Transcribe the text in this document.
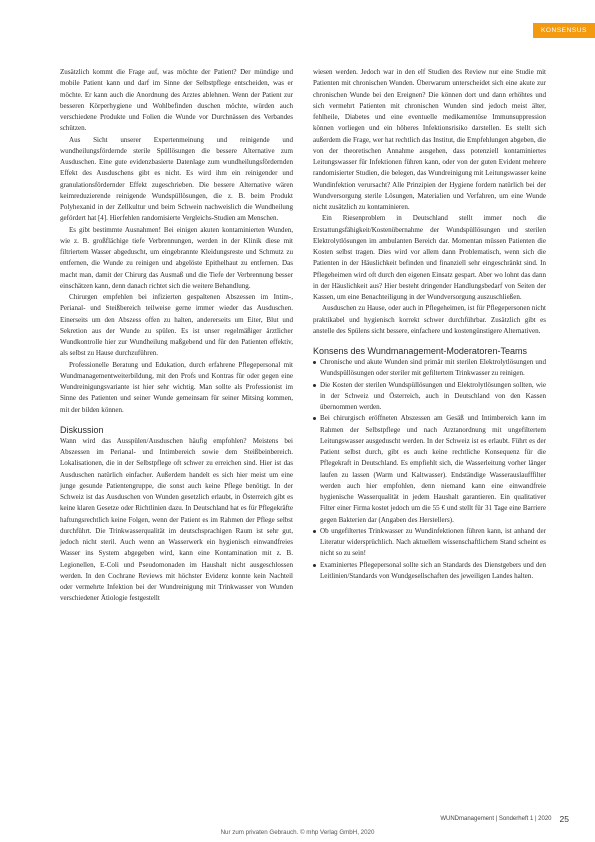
KONSENSUS

Zusätzlich kommt die Frage auf, was möchte der Patient? Der mündige und mobile Patient kann und darf im Sinne der Selbstpflege entscheiden, was er möchte. Er kann auch die Anordnung des Arztes ablehnen. Wenn der Patient zur besseren Körperhygiene und Wohlbefinden duschen möchte, würden auch verschiedene Produkte und Folien die Wunde vor Durchnässen des Verbandes schützen.

Aus Sicht unserer Expertenmeinung und reinigende und wundheilungsfördernde sterile Spüllösungen die bessere Alternative zum Ausduschen. Eine gute evidenzbasierte Datenlage zum wundheilungsfördernden Effekt des Ausduschens gibt es nicht. Es wird ihm ein reinigender und granulationsfördernder Effekt zugeschrieben. Die bessere Alternative wären keimreduzierende reinigende Wundspüllösungen, die z. B. beim Produkt Polyhexanid in der Zellkultur und beim Schwein nachweislich die Wundheilung gefördert hat [4]. Hierfehlen randomisierte Vergleichs-Studien am Menschen.

Es gibt bestimmte Ausnahmen! Bei einigen akuten kontaminierten Wunden, wie z. B. großflächige tiefe Verbrennungen, werden in der Klinik diese mit filtriertem Wasser abgeduscht, um eingebrannte Kleidungsreste und Schmutz zu entfernen, die Wunde zu reinigen und abgelöste Epithelhaut zu entfernen. Das macht man, damit der Chirurg das Ausmaß und die Tiefe der Verbrennung besser einschätzen kann, denn danach richtet sich die weitere Behandlung.

Chirurgen empfehlen bei infizierten gespaltenen Abszessen im Intim-, Perianal- und Steißbereich teilweise gerne immer wieder das Ausduschen. Einerseits um den Abszess offen zu halten, andererseits um Eiter, Blut und Sekretion aus der Wunde zu spülen. Es ist unser regelmäßiger ärztlicher Wundkontrolle hier zur Wundheilung maßgebend und für den Patienten effektiv, als selbst zu Hause durchzuführen.

Professionelle Beratung und Edukation, durch erfahrene Pflegepersonal mit Wundmanagementweiterbildung, mit den Profs und Kontras für oder gegen eine Wundreinigungsvariante ist hier sehr wichtig. Man sollte als Professionist im Sinne des Patienten und seiner Wunde gemeinsam für seiner Mitsing kommen, mit der bilden können.

Diskussion

Wann wird das Ausspülen/Ausduschen häufig empfohlen? Meistens bei Abszessen im Perianal- und Intimbereich sowie dem Steißbeinbereich. Lokalisationen, die in der Selbstpflege oft schwer zu erreichen sind. Hier ist das Ausduschen natürlich einfacher. Außerdem handelt es sich hier meist um eine junge gesunde Patientengruppe, die sonst auch keine Pflege benötigt. In der Schweiz ist das Ausduschen von Wunden gesetzlich erlaubt, in Österreich gibt es keine klaren Gesetze oder Richtlinien dazu. In Deutschland hat es für Pflegekräfte haftungsrechtlich keine Folgen, wenn der Patient es im Rahmen der Pflege selbst durchführt. Die Trinkwasserqualität im deutschsprachigen Raum ist sehr gut, jedoch nicht steril. Auch wenn an Wasserwerk ein hygienisch einwandfreies Wasser ins System abgegeben wird, kann eine Kontamination mit z. B. Legionellen, E-Coli und Pseudomonaden im Haushalt nicht ausgeschlossen werden. In den Cochrane Reviews mit höchster Evidenz konnte kein Nachteil oder vermehrte Infektion bei der Wundreinigung mit Trinkwasser von Wunden verschiedener Ätiologie festgestellt

wiesen werden. Jedoch war in den elf Studien des Review nur eine Studie mit Patienten mit chronischen Wunden. Überwarum unterscheidet sich eine akute zur chronischen Wunde bei den Ereignen? Die können dort und dann erhöhtes und sich vermehrt Patienten mit chronischen Wunden sind jedoch meist älter, fehlheile, Diabetes und eine eventuelle medikamentöse Immunsuppression können vorliegen und ein höheres Infektionsrisiko darstellen. Es stellt sich außerdem die Frage, wer hat rechtlich das Institut, die Empfehlungen abgeben, die von der theoretischen Annahme ausgehen, dass potenziell kontaminiertes Leitungswasser für Infektionen führen kann, oder von der guten Evident mehrere randomisierter Studien, die belegen, das Wundreinigung mit Leitungswasser keine Wundinfektion verursacht? Alle Prinzipien der Hygiene fordern natürlich bei der Wundversorgung sterile Lösungen, Materialien und Verfahren, um eine Wunde nicht zusätzlich zu kontaminieren.

Ein Riesenproblem in Deutschland stellt immer noch die Erstattungsfähigkeit/Kostenübernahme der Wundspüllösungen und sterilen Elektrolytlösungen im ambulanten Bereich dar. Momentan müssen Patienten die Kosten selbst tragen. Dies wird vor allem dann Problematisch, wenn sich die Patienten in der Häuslichkeit befinden und finanziell sehr eingeschränkt sind. In Pflegeheimen wird oft durch den eigenen Einsatz gespart. Aber wo lohnt das dann in der Häuslichkeit aus? Hier besteht dringender Handlungsbedarf von Seiten der Kassen, um eine Benachteiligung in der Wundversorgung auszuschließen.

Ausduschen zu Hause, oder auch in Pflegeheimen, ist für Pflegepersonen nicht praktikabel und hygienisch korrekt schwer durchführbar. Zusätzlich gibt es anstelle des Spülens sicht bessere, einfachere und kostengünstigere Alternativen.

Konsens des Wundmanagement-Moderatoren-Teams
Chronische und akute Wunden sind primär mit sterilen Elektrolytlösungen und Wundspüllösungen oder steriler mit gefiltertem Trinkwasser zu reinigen.
Die Kosten der sterilen Wundspüllösungen und Elektrolytlösungen sollten, wie in der Schweiz und Österreich, auch in Deutschland von den Kassen übernommen werden.
Bei chirurgisch eröffneten Abszessen am Gesäß und Intimbereich kann im Rahmen der Selbstpflege und nach Arztanordnung mit ungefiltertem Leitungswasser ausgeduscht werden. In der Schweiz ist es erlaubt. Führt es der Patient selbst durch, gibt es auch keine rechtliche Konsequenz für die Pflegekraft in Deutschland. Es empfiehlt sich, die Wasserleitung vorher länger laufen zu lassen (Warm und Kaltwasser). Endständige Wasserauslaufffilter werden auch hier empfohlen, denn niemand kann eine einwandfreie hygienische Wasserqualität in jedem Haushalt garantieren. Ein qualitativer Filter einer Firma kostet jedoch um die 55 € und stellt für 31 Tage eine Barriere gegen Bakterien dar (Angaben des Herstellers).
Ob ungefiltertes Trinkwasser zu Wundinfektionen führen kann, ist anhand der Literatur widersprüchlich. Nach aktuellem wissenschaftlichem Stand scheint es nicht so zu sein!
Examiniertes Pflegepersonal sollte sich an Standards des Dienstgebers und den Leitlinien/Standards von Wundgesellschaften des jeweiligen Landes halten.
WUNDmanagement | Sonderheft 1 | 2020 25
Nur zum privaten Gebrauch. © mhp Verlag GmbH, 2020
